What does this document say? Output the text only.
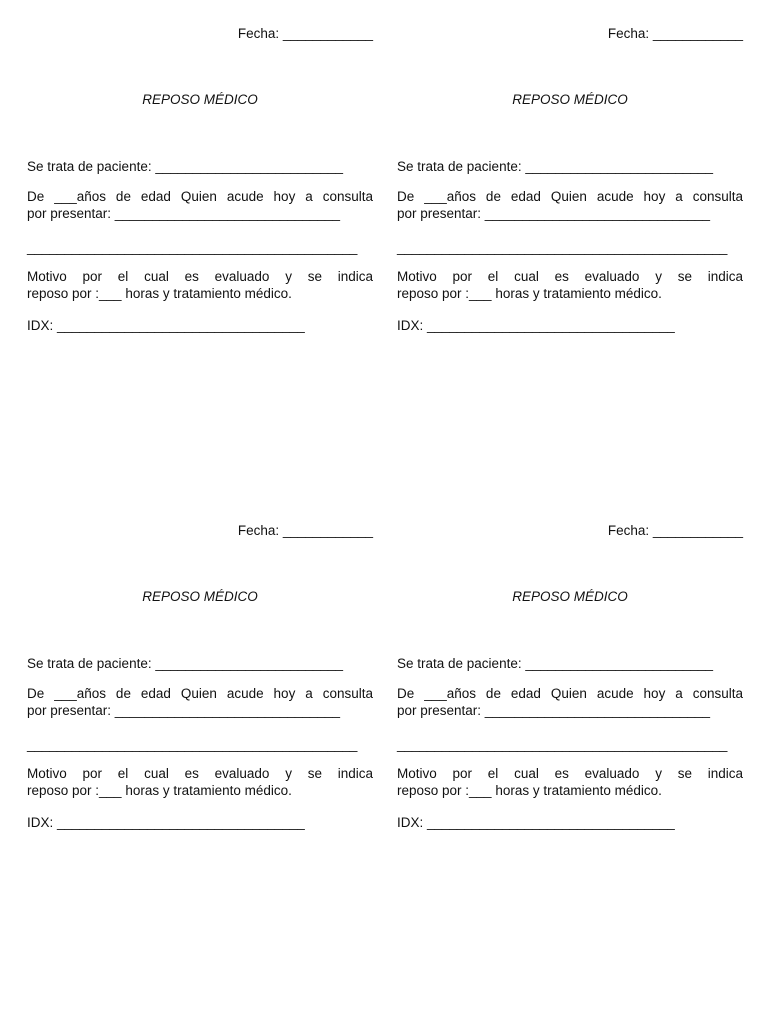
Fecha: ____________
REPOSO MÉDICO
Se trata de paciente: _________________________
De ___años de edad Quien acude hoy a consulta
por presentar: ______________________________
____________________________________________
Motivo por el cual es evaluado y se indica
reposo por :___ horas y tratamiento médico.
IDX: _________________________________
Fecha: ____________
REPOSO MÉDICO
Se trata de paciente: _________________________
De ___años de edad Quien acude hoy a consulta
por presentar: ______________________________
____________________________________________
Motivo por el cual es evaluado y se indica
reposo por :___ horas y tratamiento médico.
IDX: _________________________________
Fecha: ____________
REPOSO MÉDICO
Se trata de paciente: _________________________
De ___años de edad Quien acude hoy a consulta
por presentar: ______________________________
____________________________________________
Motivo por el cual es evaluado y se indica
reposo por :___ horas y tratamiento médico.
IDX: _________________________________
Fecha: ____________
REPOSO MÉDICO
Se trata de paciente: _________________________
De ___años de edad Quien acude hoy a consulta
por presentar: ______________________________
____________________________________________
Motivo por el cual es evaluado y se indica
reposo por :___ horas y tratamiento médico.
IDX: _________________________________
